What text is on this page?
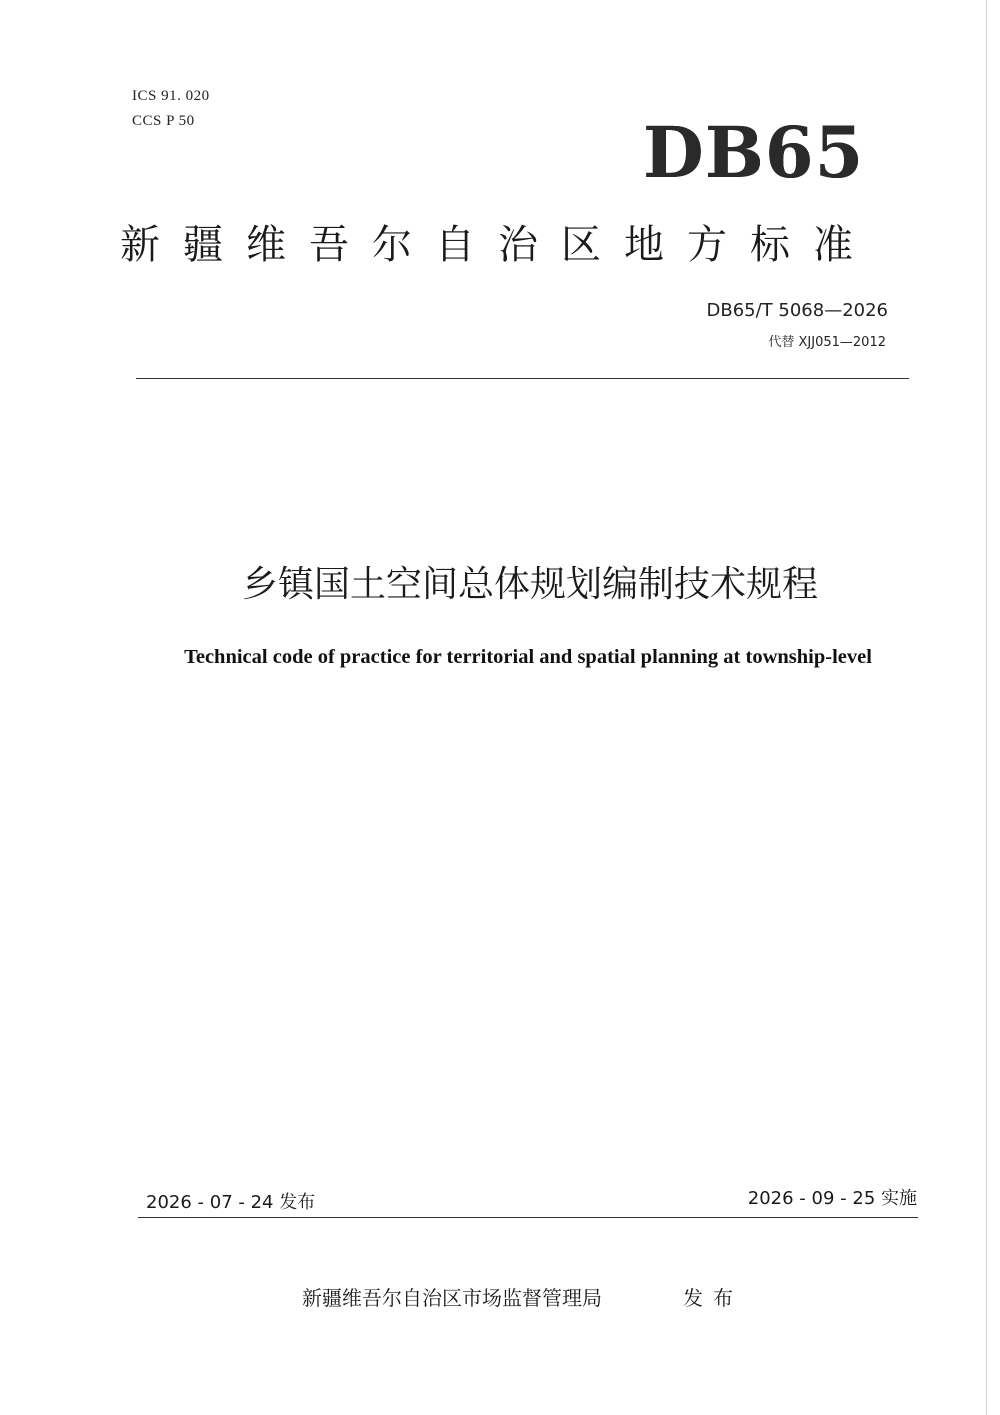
ICS 91. 020
CCS P 50	DB65
新疆维吾尔自治区地方标准
DB65/T 5068—2026
代替 XJJ051—2012
乡镇国土空间总体规划编制技术规程
Technical code of practice for territorial and spatial planning at township-level
2026 - 07 - 24 发布	2026 - 09 - 25 实施
新疆维吾尔自治区市场监督管理局	发布
